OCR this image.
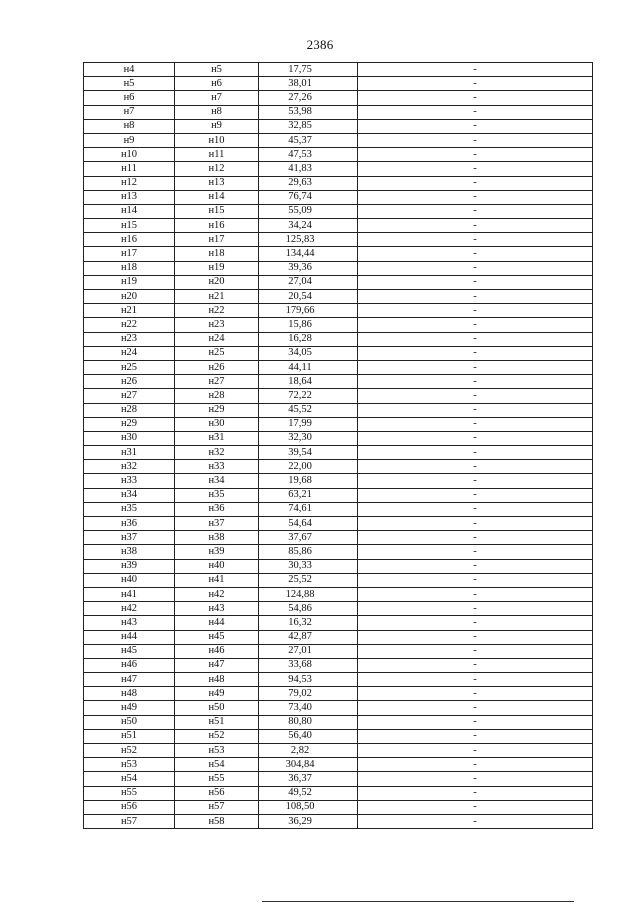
2386
н4	н5	17,75	-
н5	н6	38,01	-
н6	н7	27,26	-
н7	н8	53,98	-
н8	н9	32,85	-
н9	н10	45,37	-
н10	н11	47,53	-
н11	н12	41,83	-
н12	н13	29,63	-
н13	н14	76,74	-
н14	н15	55,09	-
н15	н16	34,24	-
н16	н17	125,83	-
н17	н18	134,44	-
н18	н19	39,36	-
н19	н20	27,04	-
н20	н21	20,54	-
н21	н22	179,66	-
н22	н23	15,86	-
н23	н24	16,28	-
н24	н25	34,05	-
н25	н26	44,11	-
н26	н27	18,64	-
н27	н28	72,22	-
н28	н29	45,52	-
н29	н30	17,99	-
н30	н31	32,30	-
н31	н32	39,54	-
н32	н33	22,00	-
н33	н34	19,68	-
н34	н35	63,21	-
н35	н36	74,61	-
н36	н37	54,64	-
н37	н38	37,67	-
н38	н39	85,86	-
н39	н40	30,33	-
н40	н41	25,52	-
н41	н42	124,88	-
н42	н43	54,86	-
н43	н44	16,32	-
н44	н45	42,87	-
н45	н46	27,01	-
н46	н47	33,68	-
н47	н48	94,53	-
н48	н49	79,02	-
н49	н50	73,40	-
н50	н51	80,80	-
н51	н52	56,40	-
н52	н53	2,82	-
н53	н54	304,84	-
н54	н55	36,37	-
н55	н56	49,52	-
н56	н57	108,50	-
н57	н58	36,29	-
